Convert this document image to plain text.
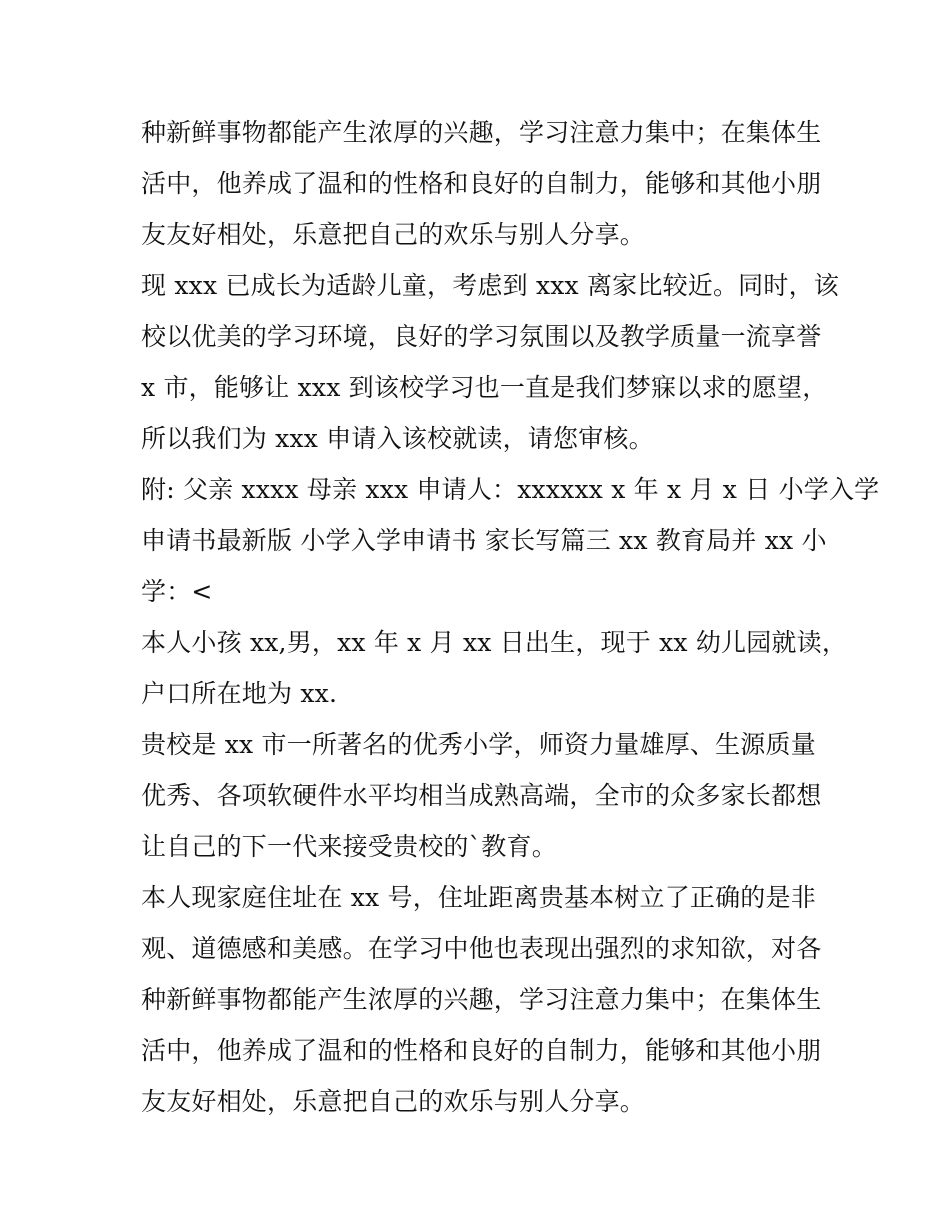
种新鲜事物都能产生浓厚的兴趣，学习注意力集中；在集体生
活中，他养成了温和的性格和良好的自制力，能够和其他小朋
友友好相处，乐意把自己的欢乐与别人分享。
现 xxx 已成长为适龄儿童，考虑到 xxx 离家比较近。同时，该
校以优美的学习环境，良好的学习氛围以及教学质量一流享誉
x 市，能够让 xxx 到该校学习也一直是我们梦寐以求的愿望，
所以我们为 xxx 申请入该校就读，请您审核。
附: 父亲 xxxx 母亲 xxx 申请人：xxxxxx x 年 x 月 x 日 小学入学
申请书最新版 小学入学申请书 家长写篇三 xx 教育局并 xx 小
学：<
本人小孩 xx,男，xx 年 x 月 xx 日出生，现于 xx 幼儿园就读，
户口所在地为 xx.
贵校是 xx 市一所著名的优秀小学，师资力量雄厚、生源质量
优秀、各项软硬件水平均相当成熟高端，全市的众多家长都想
让自己的下一代来接受贵校的`教育。
本人现家庭住址在 xx 号，住址距离贵基本树立了正确的是非
观、道德感和美感。在学习中他也表现出强烈的求知欲，对各
种新鲜事物都能产生浓厚的兴趣，学习注意力集中；在集体生
活中，他养成了温和的性格和良好的自制力，能够和其他小朋
友友好相处，乐意把自己的欢乐与别人分享。
